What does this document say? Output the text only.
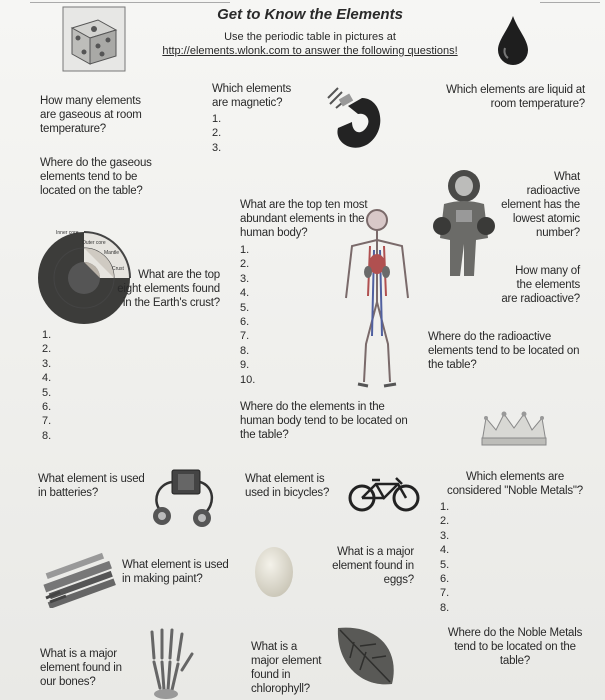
Get to Know the Elements
Use the periodic table in pictures at
http://elements.wlonk.com to answer the following questions!
How many elements are gaseous at room temperature?
Where do the gaseous elements tend to be located on the table?
Which elements are magnetic?
1.
2.
3.
Which elements are liquid at room temperature?
What radioactive element has the lowest atomic number?
How many of the elements are radioactive?
Where do the radioactive elements tend to be located on the table?
What are the top ten most abundant elements in the human body?
1.
2.
3.
4.
5.
6.
7.
8.
9.
10.
Where do the elements in the human body tend to be located on the table?
Inner core
Outer core
Mantle
Crust	What are the top eight elements found in the Earth's crust?
1.
2.
3.
4.
5.
6.
7.
8.
What element is used in batteries?
What element is used in bicycles?
Which elements are considered "Noble Metals"?
1.
2.
3.
4.
5.
6.
7.
8.
What element is used in making paint?
What is a major element found in eggs?
Where do the Noble Metals tend to be located on the table?
What is a major element found in our bones?
What is a major element found in chlorophyll?
